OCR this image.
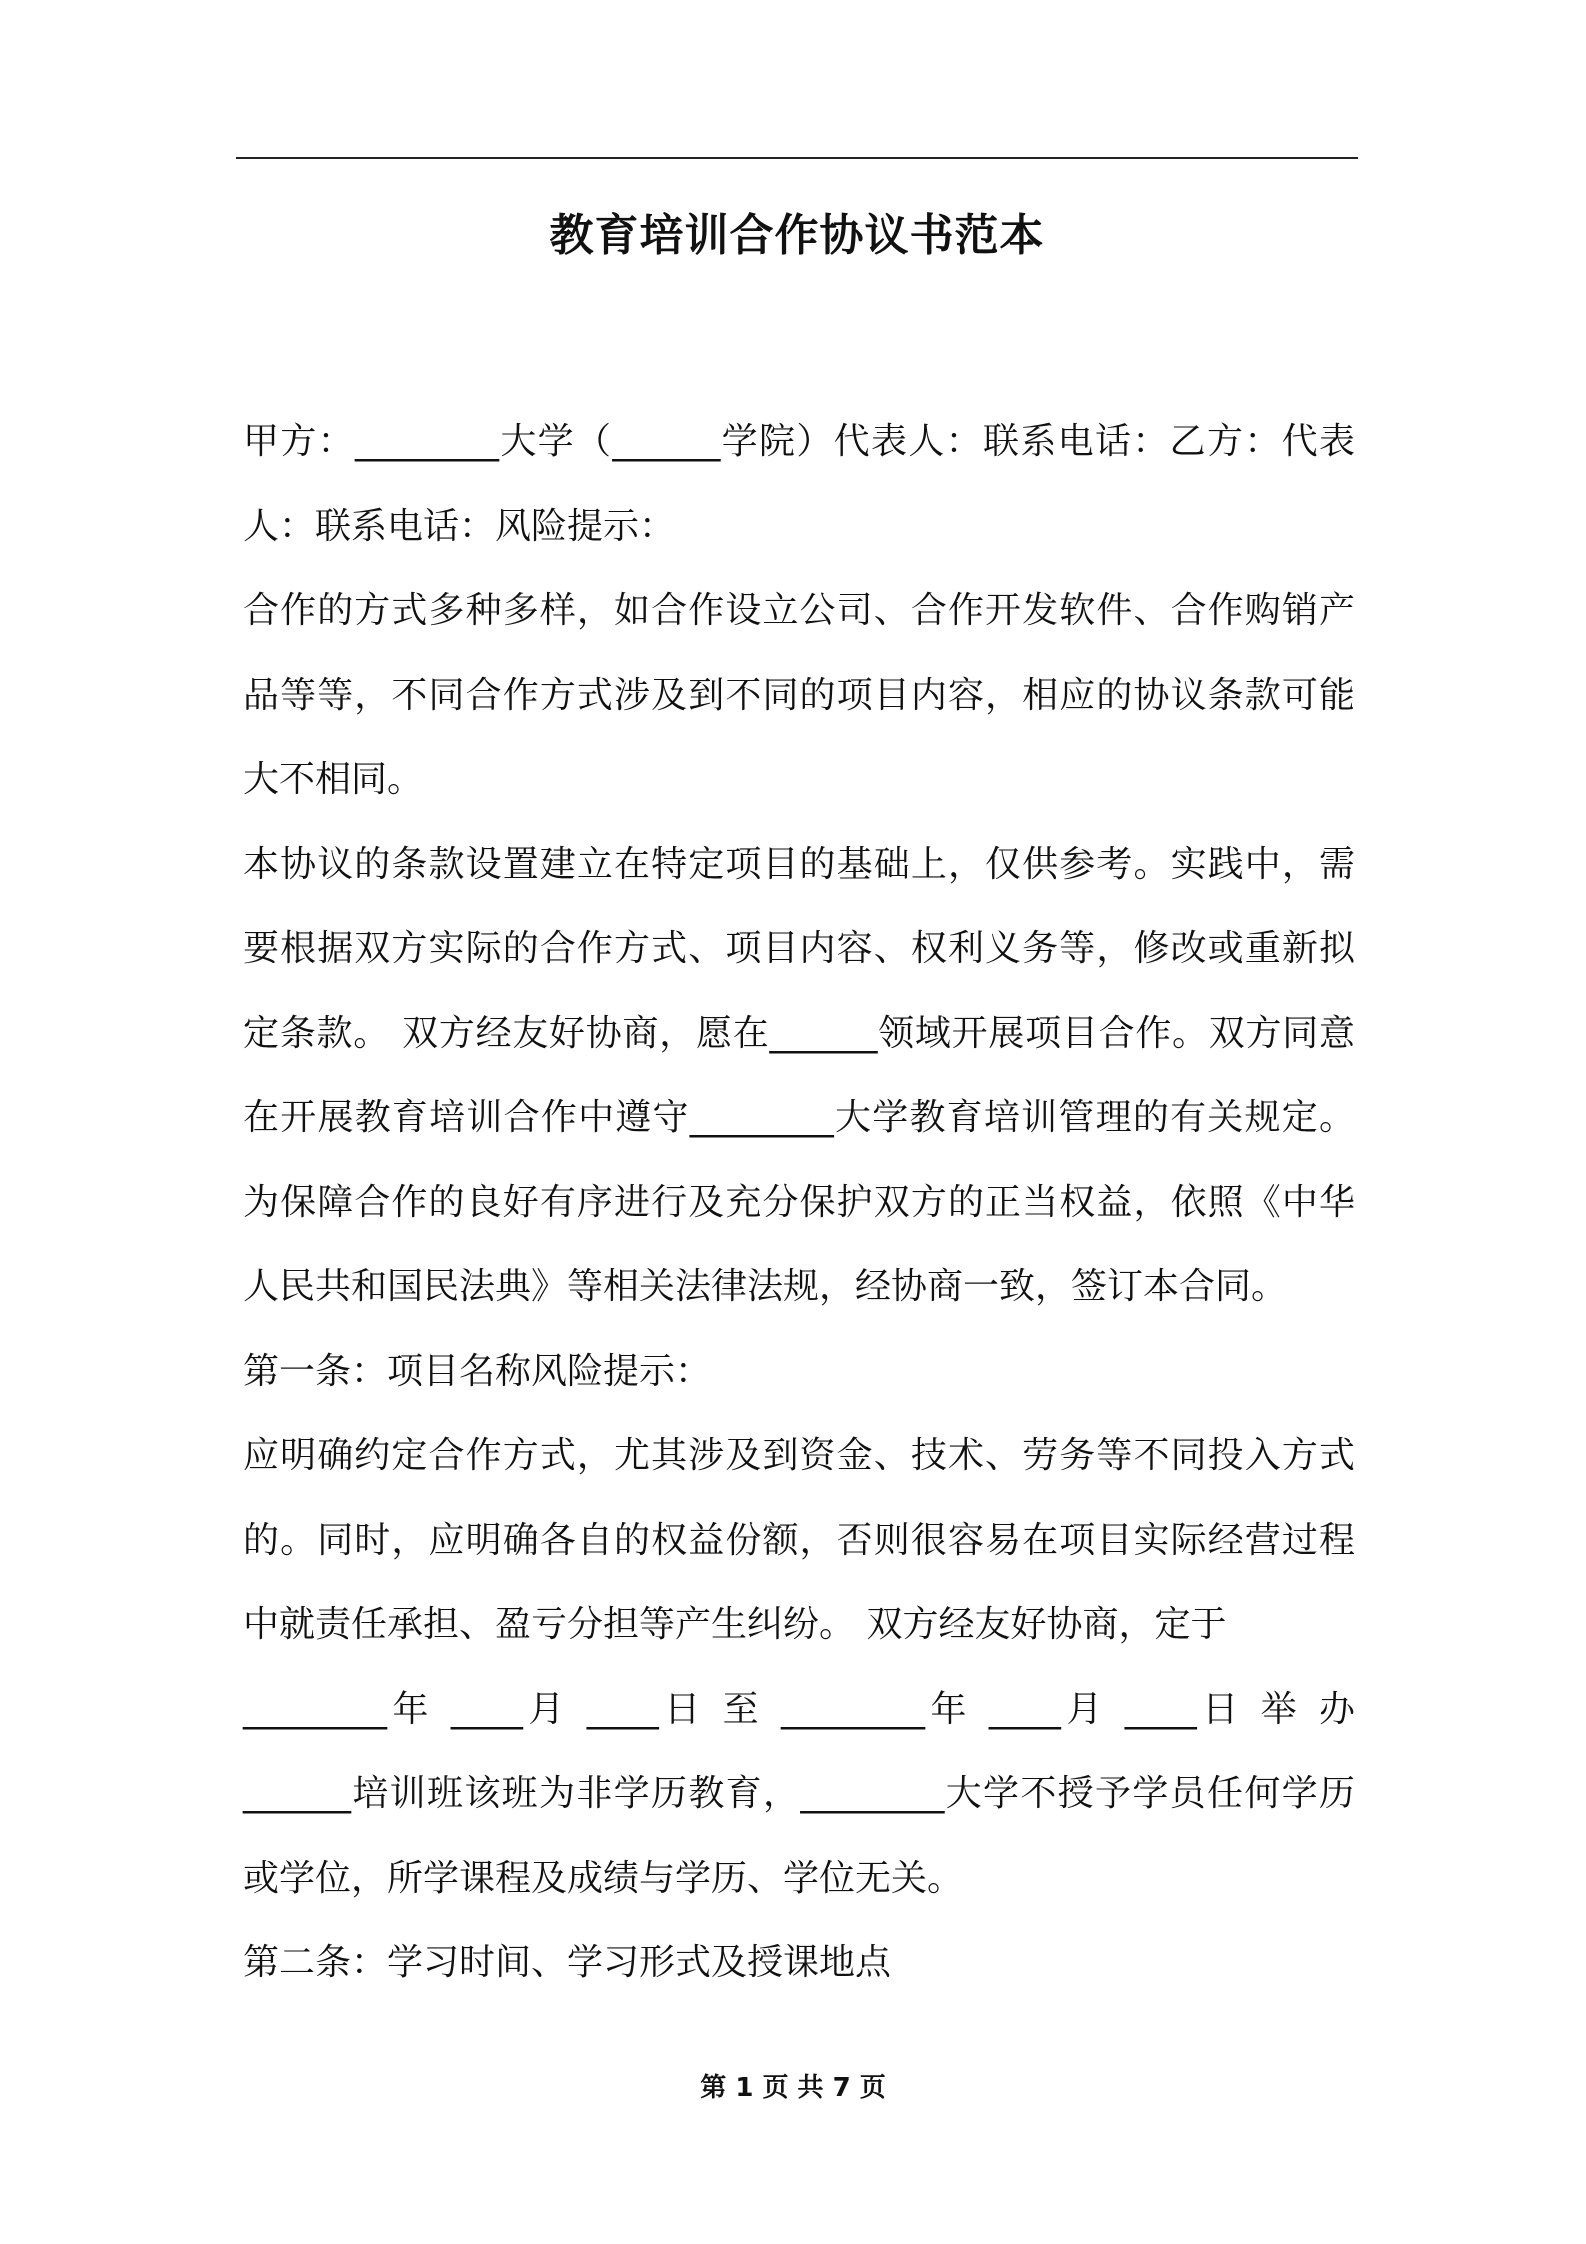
教育培训合作协议书范本

甲方：________大学（______学院）代表人：联系电话：乙方：代表人：联系电话：风险提示：

合作的方式多种多样，如合作设立公司、合作开发软件、合作购销产品等等，不同合作方式涉及到不同的项目内容，相应的协议条款可能大不相同。

本协议的条款设置建立在特定项目的基础上，仅供参考。实践中，需要根据双方实际的合作方式、项目内容、权利义务等，修改或重新拟定条款。 双方经友好协商，愿在______领域开展项目合作。双方同意在开展教育培训合作中遵守________大学教育培训管理的有关规定。为保障合作的良好有序进行及充分保护双方的正当权益，依照《中华人民共和国民法典》等相关法律法规，经协商一致，签订本合同。

第一条：项目名称风险提示：

应明确约定合作方式，尤其涉及到资金、技术、劳务等不同投入方式的。同时，应明确各自的权益份额，否则很容易在项目实际经营过程中就责任承担、盈亏分担等产生纠纷。 双方经友好协商，定于

________年 ____月 ____日 至 ________年 ____月 ____日 举 办

______培训班该班为非学历教育，________大学不授予学员任何学历或学位，所学课程及成绩与学历、学位无关。

第二条：学习时间、学习形式及授课地点

第 1 页 共 7 页
